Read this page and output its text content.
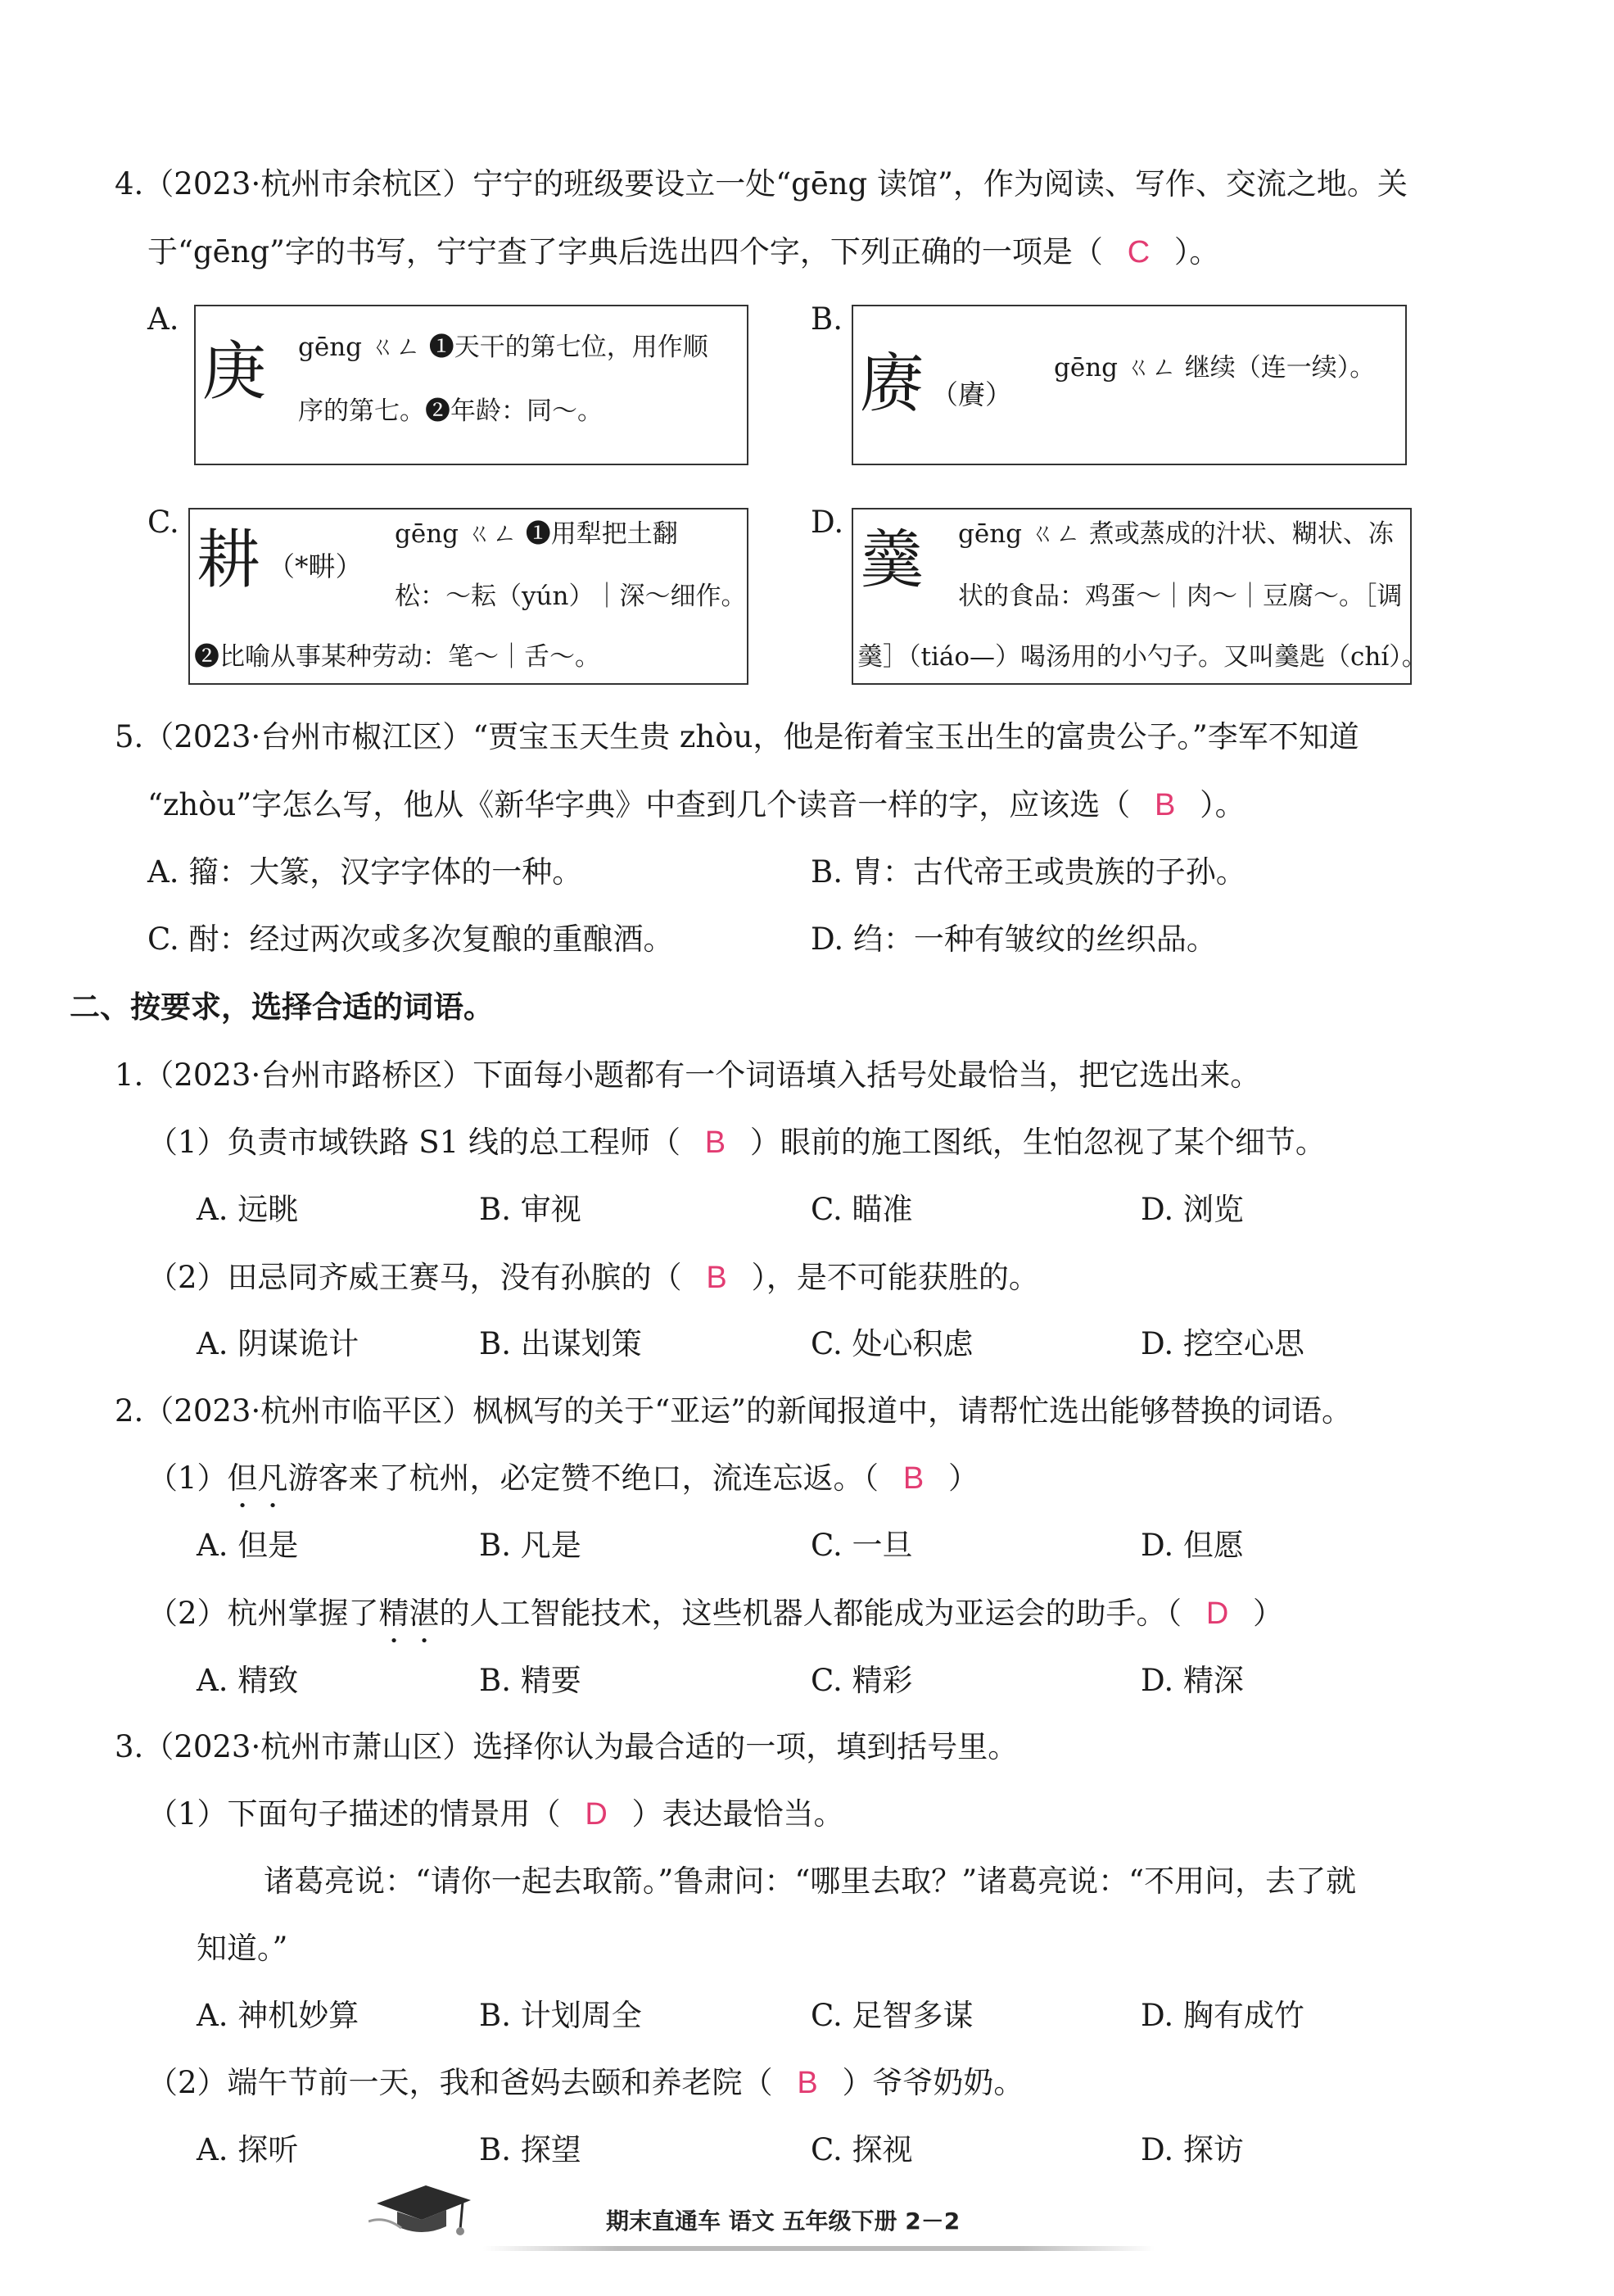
4.（2023·杭州市余杭区）宁宁的班级要设立一处“gēng 读馆”，作为阅读、写作、交流之地。关
于“gēng”字的书写，宁宁查了字典后选出四个字，下列正确的一项是（ C ）。
A.
庚 gēng ㄍㄥ ❶天干的第七位，用作顺
序的第七。❷年龄：同～。
B.
赓 （賡）
gēng ㄍㄥ 继续（连一续）。
C.
耕 （*畊）
gēng ㄍㄥ ❶用犁把土翻
松：～耘（yún）｜深～细作。
❷比喻从事某种劳动：笔～｜舌～。
D.
羹 gēng ㄍㄥ 煮或蒸成的汁状、糊状、冻
状的食品：鸡蛋～｜肉～｜豆腐～。［调
羹］（tiáo—）喝汤用的小勺子。又叫羹匙（chí）。
5.（2023·台州市椒江区）“贾宝玉天生贵 zhòu，他是衔着宝玉出生的富贵公子。”李军不知道
“zhòu”字怎么写，他从《新华字典》中查到几个读音一样的字，应该选（ B ）。
A. 籀：大篆，汉字字体的一种。	B. 胄：古代帝王或贵族的子孙。
C. 酎：经过两次或多次复酿的重酿酒。	D. 绉：一种有皱纹的丝织品。
二、按要求，选择合适的词语。
1.（2023·台州市路桥区）下面每小题都有一个词语填入括号处最恰当，把它选出来。
（1）负责市域铁路 S1 线的总工程师（ B ）眼前的施工图纸，生怕忽视了某个细节。
A. 远眺	B. 审视	C. 瞄准	D. 浏览
（2）田忌同齐威王赛马，没有孙膑的（ B ），是不可能获胜的。
A. 阴谋诡计	B. 出谋划策	C. 处心积虑	D. 挖空心思
2.（2023·杭州市临平区）枫枫写的关于“亚运”的新闻报道中，请帮忙选出能够替换的词语。
（1）但凡游客来了杭州，必定赞不绝口，流连忘返。（ B ）
A. 但是	B. 凡是	C. 一旦	D. 但愿
（2）杭州掌握了精湛的人工智能技术，这些机器人都能成为亚运会的助手。（ D ）
A. 精致	B. 精要	C. 精彩	D. 精深
3.（2023·杭州市萧山区）选择你认为最合适的一项，填到括号里。
（1）下面句子描述的情景用（ D ）表达最恰当。
诸葛亮说：“请你一起去取箭。”鲁肃问：“哪里去取？”诸葛亮说：“不用问，去了就
知道。”
A. 神机妙算	B. 计划周全	C. 足智多谋	D. 胸有成竹
（2）端午节前一天，我和爸妈去颐和养老院（ B ）爷爷奶奶。
A. 探听	B. 探望	C. 探视	D. 探访
期末直通车 语文 五年级下册 2－2
